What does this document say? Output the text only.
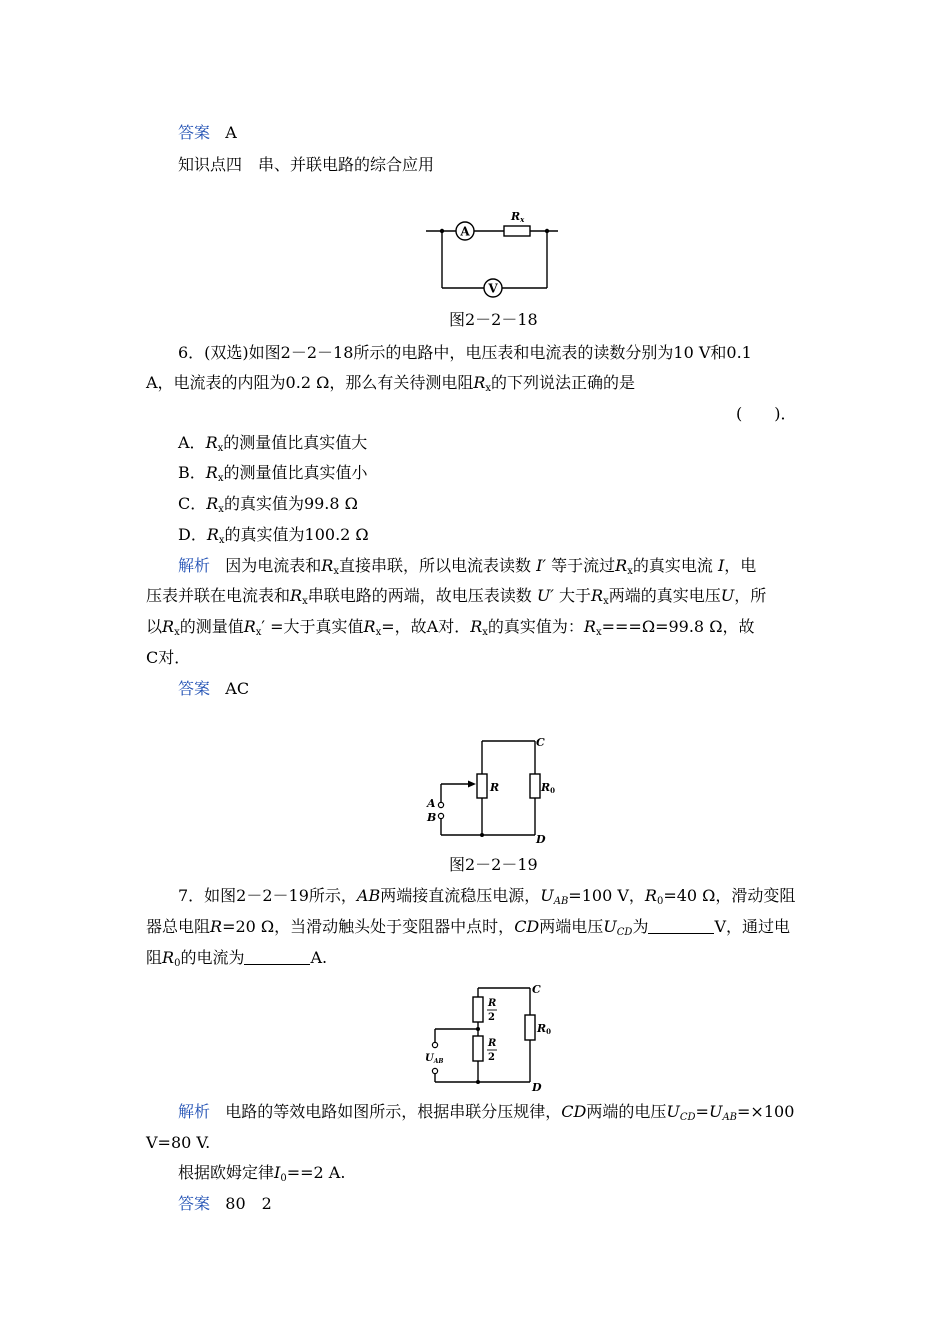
答案 A
知识点四　串、并联电路的综合应用
A
V
Rx
图2－2－18
6．(双选)如图2－2－18所示的电路中，电压表和电流表的读数分别为10 V和0.1
A，电流表的内阻为0.2 Ω，那么有关待测电阻$R_x$的下列说法正确的是
(　　)．
A．$R_x$的测量值比真实值大
B．$R_x$的测量值比真实值小
C．$R_x$的真实值为99.8 Ω
D．$R_x$的真实值为100.2 Ω
解析 因为电流表和$R_x$直接串联，所以电流表读数 I′ 等于流过$R_x$的真实电流 I，电
压表并联在电流表和$R_x$串联电路的两端，故电压表读数 U′ 大于$R_x$两端的真实电压U，所
以$R_x$的测量值$R_x'$ =大于真实值$R_x=$，故A对．$R_x$的真实值为：$R_x===\Omega=99.8$ Ω，故
C对．
答案 AC
A
B
C
D
R	R0
图2－2－19
7．如图2－2－19所示，AB两端接直流稳压电源，$U_{AB}=100$ V，$R_0=40$ Ω，滑动变阻
器总电阻R=20 Ω，当滑动触头处于变阻器中点时，CD两端电压$U_{CD}$为	V，通过电
阻$R_0$的电流为	A.
C
D
R
2
R
2
R0
$U_{AB}$
解析 电路的等效电路如图所示，根据串联分压规律，CD两端的电压$U_{CD}=U_{AB}=\times 100$
V=80 V.
根据欧姆定律$I_0==2$ A.
答案 80　2
